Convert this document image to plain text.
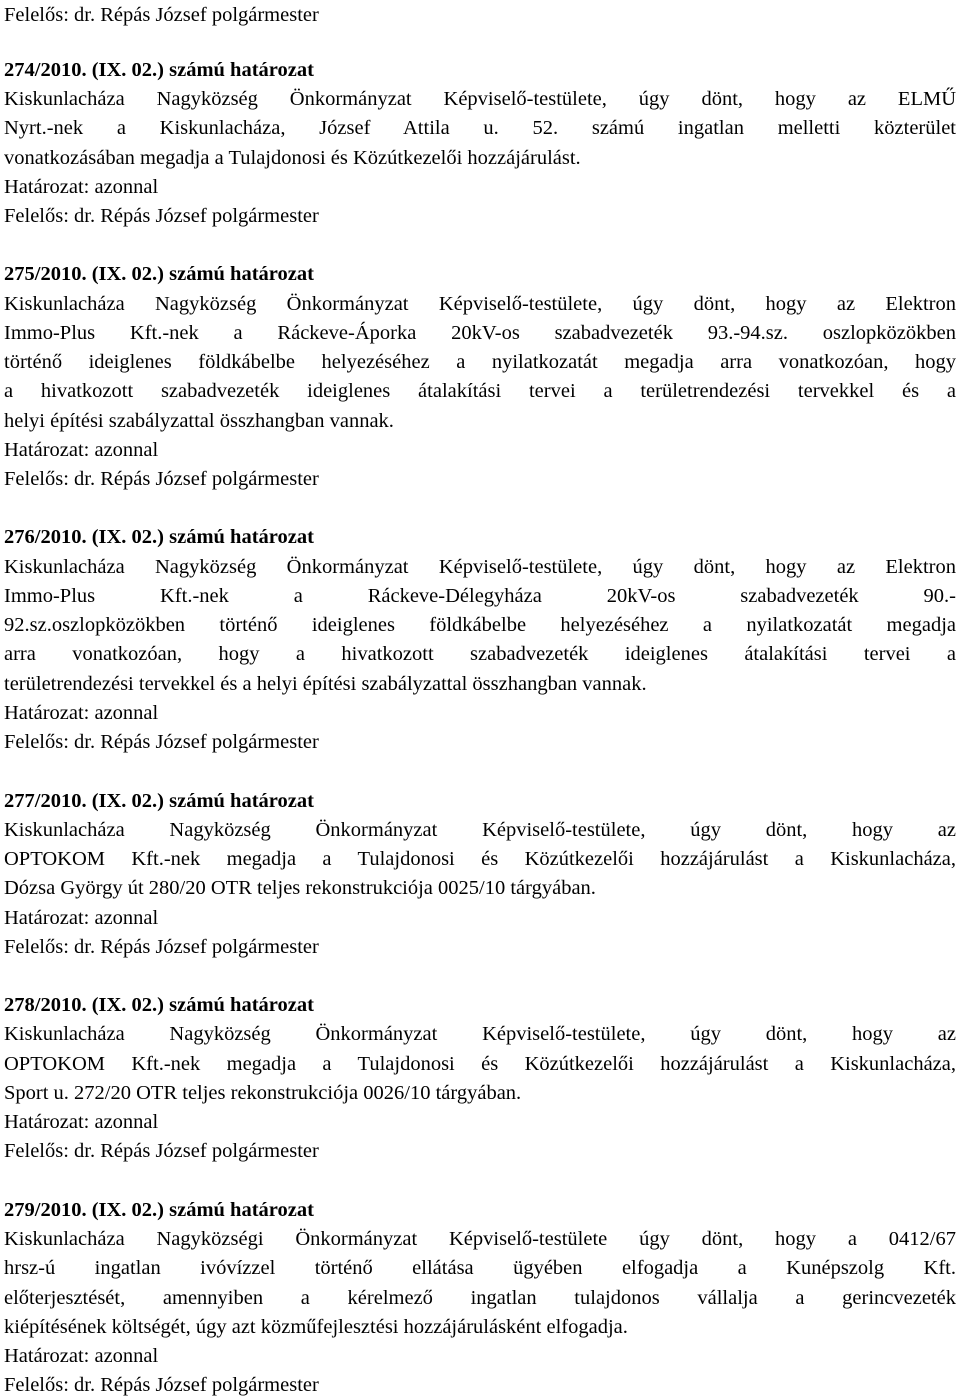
Felelős: dr. Répás József polgármester
274/2010. (IX. 02.) számú határozat
Kiskunlacháza Nagyközség Önkormányzat Képviselő-testülete, úgy dönt, hogy az ELMŰ
Nyrt.-nek a Kiskunlacháza, József Attila u. 52. számú ingatlan melletti közterület
vonatkozásában megadja a Tulajdonosi és Közútkezelői hozzájárulást.
Határozat: azonnal
Felelős: dr. Répás József polgármester
275/2010. (IX. 02.) számú határozat
Kiskunlacháza Nagyközség Önkormányzat Képviselő-testülete, úgy dönt, hogy az Elektron
Immo-Plus Kft.-nek a Ráckeve-Áporka 20kV-os szabadvezeték 93.-94.sz. oszlopközökben
történő ideiglenes földkábelbe helyezéséhez a nyilatkozatát megadja arra vonatkozóan, hogy
a hivatkozott szabadvezeték ideiglenes átalakítási tervei a területrendezési tervekkel és a
helyi építési szabályzattal összhangban vannak.
Határozat: azonnal
Felelős: dr. Répás József polgármester
276/2010. (IX. 02.) számú határozat
Kiskunlacháza Nagyközség Önkormányzat Képviselő-testülete, úgy dönt, hogy az Elektron
Immo-Plus Kft.-nek a Ráckeve-Délegyháza 20kV-os szabadvezeték 90.-
92.sz.oszlopközökben történő ideiglenes földkábelbe helyezéséhez a nyilatkozatát megadja
arra vonatkozóan, hogy a hivatkozott szabadvezeték ideiglenes átalakítási tervei a
területrendezési tervekkel és a helyi építési szabályzattal összhangban vannak.
Határozat: azonnal
Felelős: dr. Répás József polgármester
277/2010. (IX. 02.) számú határozat
Kiskunlacháza Nagyközség Önkormányzat Képviselő-testülete, úgy dönt, hogy az
OPTOKOM Kft.-nek megadja a Tulajdonosi és Közútkezelői hozzájárulást a Kiskunlacháza,
Dózsa György út 280/20 OTR teljes rekonstrukciója 0025/10 tárgyában.
Határozat: azonnal
Felelős: dr. Répás József polgármester
278/2010. (IX. 02.) számú határozat
Kiskunlacháza Nagyközség Önkormányzat Képviselő-testülete, úgy dönt, hogy az
OPTOKOM Kft.-nek megadja a Tulajdonosi és Közútkezelői hozzájárulást a Kiskunlacháza,
Sport u. 272/20 OTR teljes rekonstrukciója 0026/10 tárgyában.
Határozat: azonnal
Felelős: dr. Répás József polgármester
279/2010. (IX. 02.) számú határozat
Kiskunlacháza Nagyközségi Önkormányzat Képviselő-testülete úgy dönt, hogy a 0412/67
hrsz-ú ingatlan ivóvízzel történő ellátása ügyében elfogadja a Kunépszolg Kft.
előterjesztését, amennyiben a kérelmező ingatlan tulajdonos vállalja a gerincvezeték
kiépítésének költségét, úgy azt közműfejlesztési hozzájárulásként elfogadja.
Határozat: azonnal
Felelős: dr. Répás József polgármester
